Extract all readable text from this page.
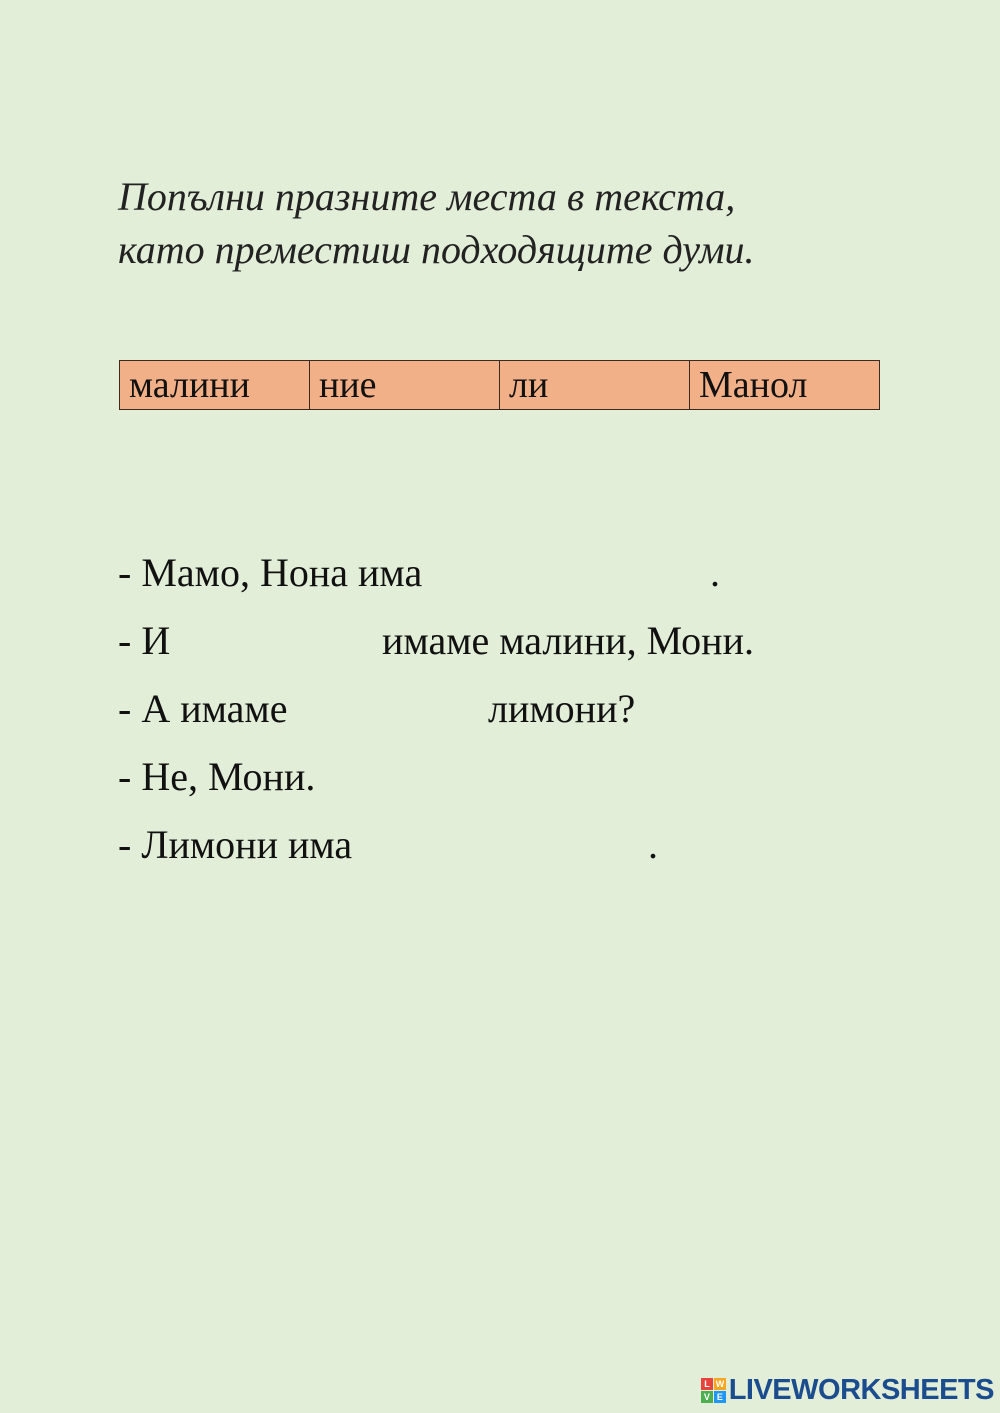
Попълни празните места в текста,
като преместиш подходящите думи.
малини	ние	ли	Манол
- Мамо, Нона има	.
- И	имаме малини, Мони.
- А имаме	лимони?
- Не, Мони.
- Лимони има	.
L W
V E LIVEWORKSHEETS
